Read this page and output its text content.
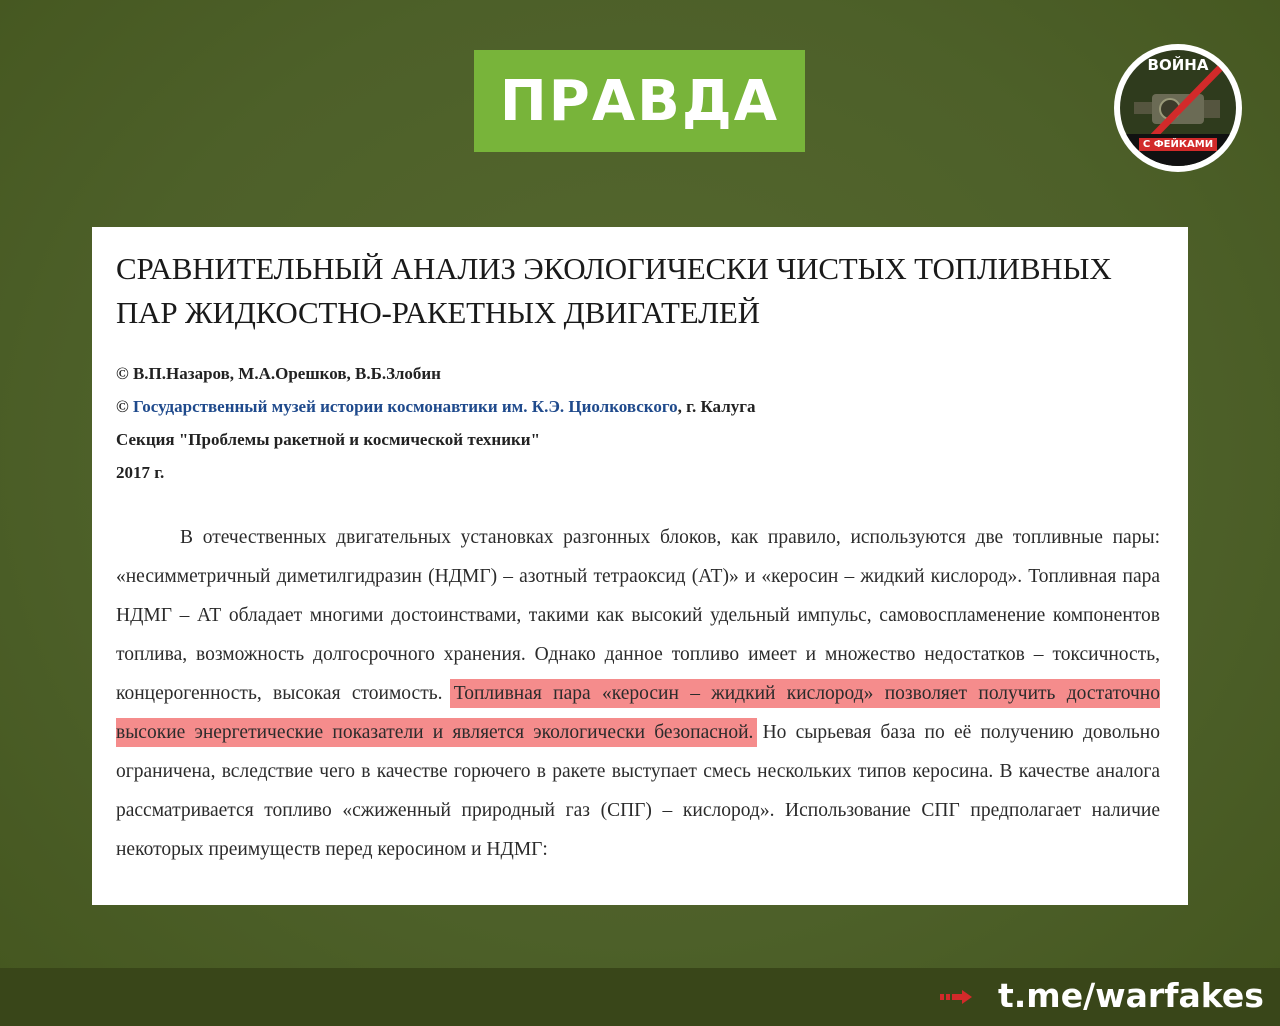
ПРАВДА
ВОЙНА
С ФЕЙКАМИ
СРАВНИТЕЛЬНЫЙ АНАЛИЗ ЭКОЛОГИЧЕСКИ ЧИСТЫХ ТОПЛИВНЫХ ПАР ЖИДКОСТНО-РАКЕТНЫХ ДВИГАТЕЛЕЙ
© В.П.Назаров, М.А.Орешков, В.Б.Злобин
© Государственный музей истории космонавтики им. К.Э. Циолковского, г. Калуга
Секция "Проблемы ракетной и космической техники"
2017 г.

В отечественных двигательных установках разгонных блоков, как правило, используются две топливные пары: «несимметричный диметилгидразин (НДМГ) – азотный тетраоксид (АТ)» и «керосин – жидкий кислород». Топливная пара НДМГ – АТ обладает многими достоинствами, такими как высокий удельный импульс, самовоспламенение компонентов топлива, возможность долгосрочного хранения. Однако данное топливо имеет и множество недостатков – токсичность, концерогенность, высокая стоимость. Топливная пара «керосин – жидкий кислород» позволяет получить достаточно высокие энергетические показатели и является экологически безопасной. Но сырьевая база по её получению довольно ограничена, вследствие чего в качестве горючего в ракете выступает смесь нескольких типов керосина. В качестве аналога рассматривается топливо «сжиженный природный газ (СПГ) – кислород». Использование СПГ предполагает наличие некоторых преимуществ перед керосином и НДМГ:

t.me/warfakes
